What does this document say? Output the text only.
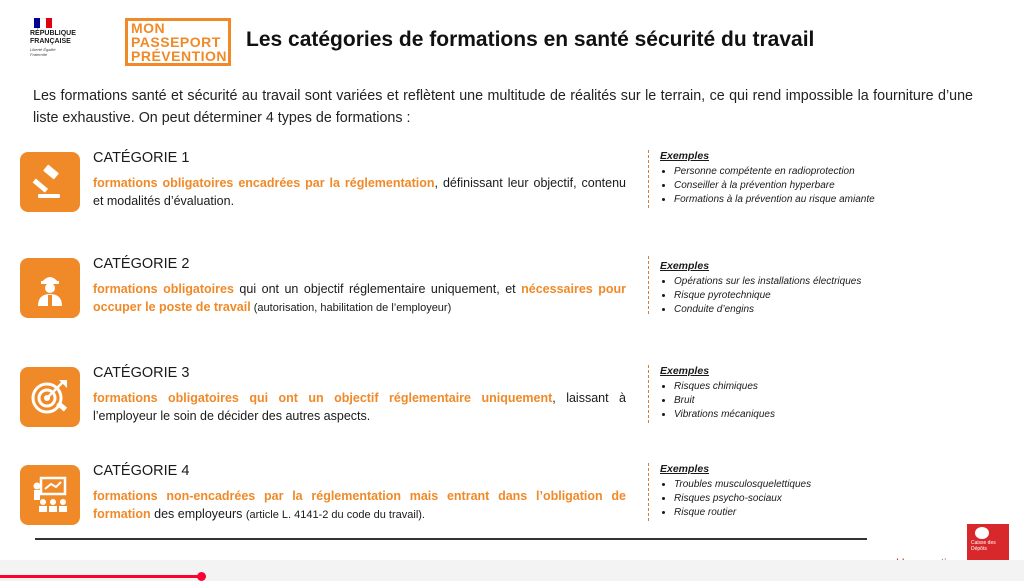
RÉPUBLIQUE
FRANÇAISE
Liberté Égalité Fraternité
MON
PASSEPORT
PRÉVENTION
Les catégories de formations en santé sécurité du travail
Les formations santé et sécurité au travail sont variées et reflètent une multitude de réalités sur le terrain, ce qui rend impossible la fourniture d’une liste exhaustive. On peut déterminer 4 types de formations :
CATÉGORIE 1
formations obligatoires encadrées par la réglementation, définissant leur objectif, contenu et modalités d’évaluation.
Exemples
• Personne compétente en radioprotection
• Conseiller à la prévention hyperbare
• Formations à la prévention au risque amiante
CATÉGORIE 2
formations obligatoires qui ont un objectif réglementaire uniquement, et nécessaires pour occuper le poste de travail (autorisation, habilitation de l’employeur)
Exemples
• Opérations sur les installations électriques
• Risque pyrotechnique
• Conduite d’engins
CATÉGORIE 3
formations obligatoires qui ont un objectif réglementaire uniquement, laissant à l’employeur le soin de décider des autres aspects.
Exemples
• Risques chimiques
• Bruit
• Vibrations mécaniques
CATÉGORIE 4
formations non-encadrées par la réglementation mais entrant dans l’obligation de formation des employeurs (article L. 4141-2 du code du travail).
Exemples
• Troubles musculosquelettiques
• Risques psycho-sociaux
• Risque routier
Caisse des Dépôts
